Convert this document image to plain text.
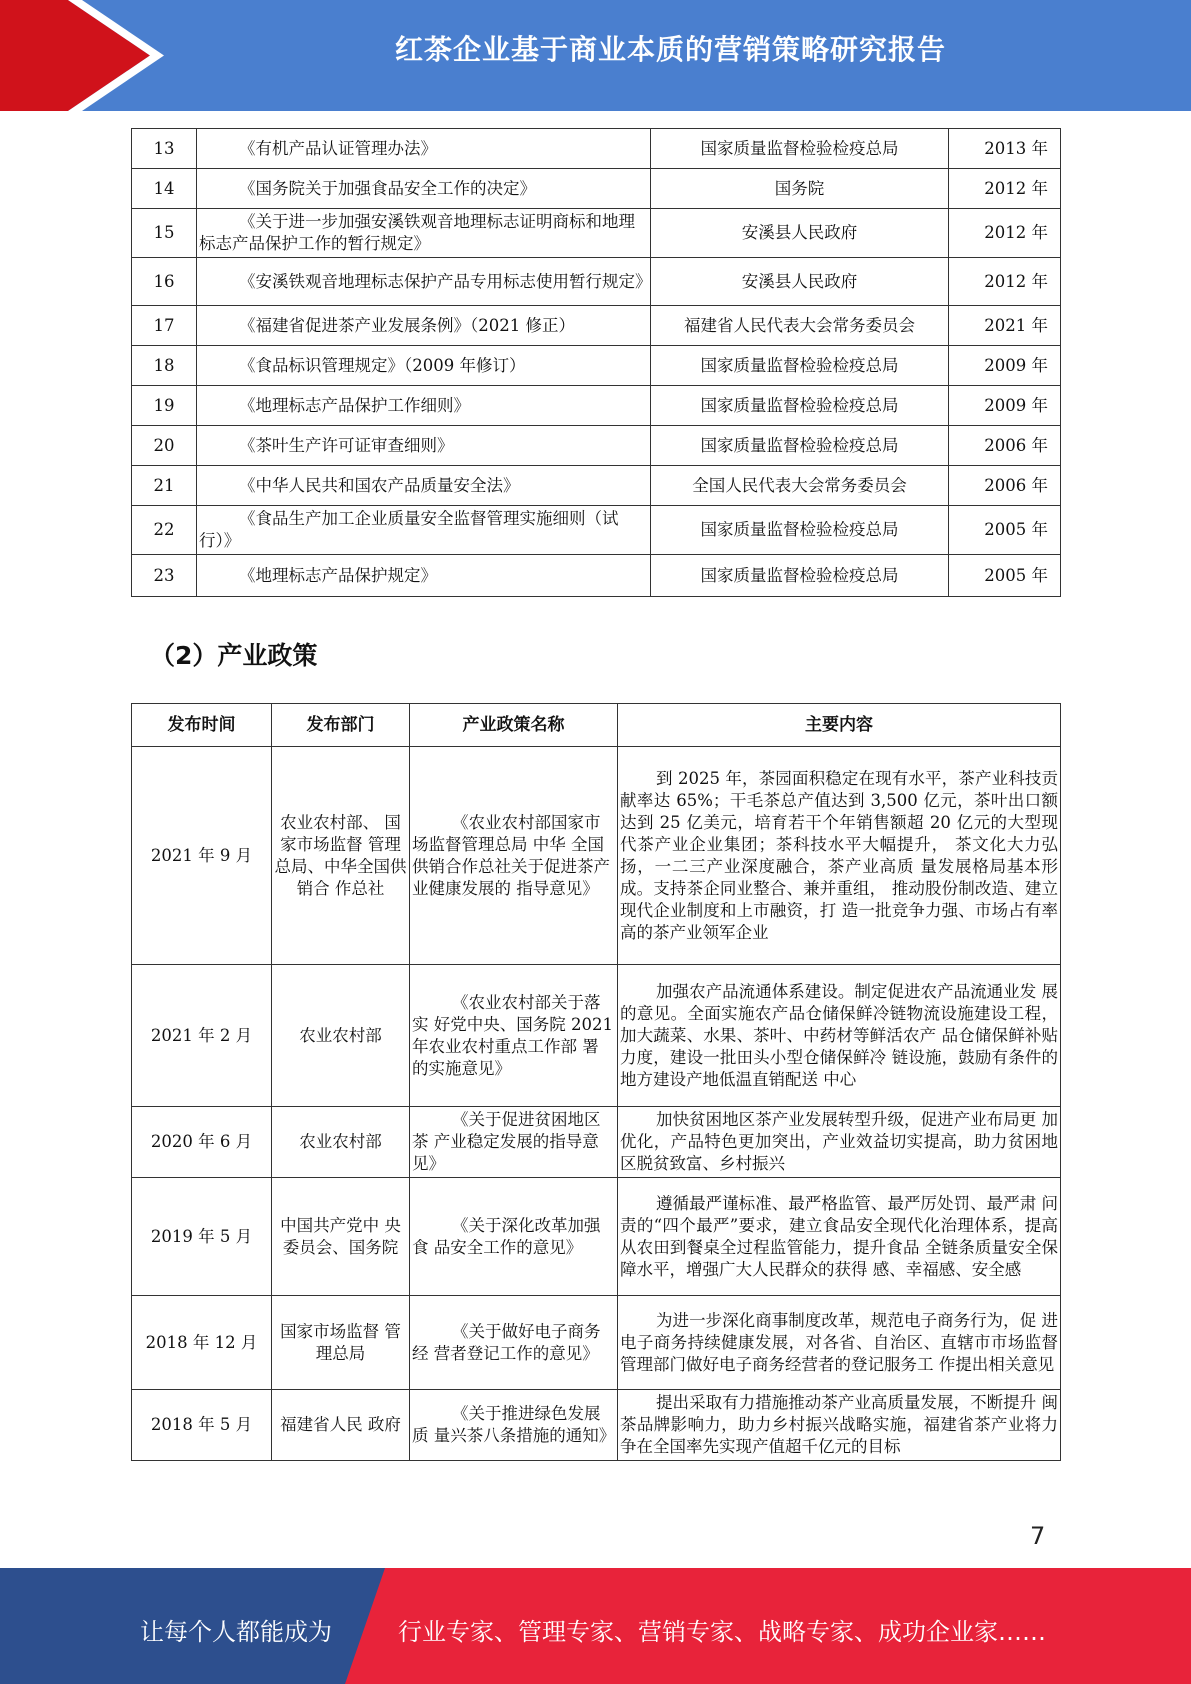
红茶企业基于商业本质的营销策略研究报告
13	《有机产品认证管理办法》	国家质量监督检验检疫总局	2013 年
14	《国务院关于加强食品安全工作的决定》	国务院	2012 年
15	《关于进一步加强安溪铁观音地理标志证明商标和地理 标志产品保护工作的暂行规定》	安溪县人民政府	2012 年
16	《安溪铁观音地理标志保护产品专用标志使用暂行规定》	安溪县人民政府	2012 年
17	《福建省促进茶产业发展条例》（2021 修正）	福建省人民代表大会常务委员会	2021 年
18	《食品标识管理规定》（2009 年修订）	国家质量监督检验检疫总局	2009 年
19	《地理标志产品保护工作细则》	国家质量监督检验检疫总局	2009 年
20	《茶叶生产许可证审查细则》	国家质量监督检验检疫总局	2006 年
21	《中华人民共和国农产品质量安全法》	全国人民代表大会常务委员会	2006 年
22	《食品生产加工企业质量安全监督管理实施细则（试行）》	国家质量监督检验检疫总局	2005 年
23	《地理标志产品保护规定》	国家质量监督检验检疫总局	2005 年
（2）产业政策
发布时间	发布部门	产业政策名称	主要内容
2021 年 9 月	农业农村部、 国家市场监督 管理总局、中华全国供销合 作总社	《农业农村部国家市场监督管理总局 中华 全国供销合作总社关于促进茶产业健康发展的 指导意见》	到 2025 年，茶园面积稳定在现有水平，茶产业科技贡 献率达 65%；干毛茶总产值达到 3,500 亿元，茶叶出口额达到 25 亿美元，培育若干个年销售额超 20 亿元的大型现代茶产业企业集团；茶科技水平大幅提升， 茶文化大力弘扬，一二三产业深度融合，茶产业高质 量发展格局基本形成。支持茶企同业整合、兼并重组， 推动股份制改造、建立现代企业制度和上市融资，打 造一批竞争力强、市场占有率高的茶产业领军企业
2021 年 2 月	农业农村部	《农业农村部关于落实 好党中央、国务院 2021 年农业农村重点工作部 署的实施意见》	加强农产品流通体系建设。制定促进农产品流通业发 展的意见。全面实施农产品仓储保鲜冷链物流设施建设工程，加大蔬菜、水果、茶叶、中药材等鲜活农产 品仓储保鲜补贴力度，建设一批田头小型仓储保鲜冷 链设施，鼓励有条件的地方建设产地低温直销配送 中心
2020 年 6 月	农业农村部	《关于促进贫困地区茶 产业稳定发展的指导意 见》	加快贫困地区茶产业发展转型升级，促进产业布局更 加优化，产品特色更加突出，产业效益切实提高，助力贫困地区脱贫致富、乡村振兴
2019 年 5 月	中国共产党中 央委员会、国务院	《关于深化改革加强食 品安全工作的意见》	遵循最严谨标准、最严格监管、最严厉处罚、最严肃 问责的“四个最严”要求，建立食品安全现代化治理体系，提高从农田到餐桌全过程监管能力，提升食品 全链条质量安全保障水平，增强广大人民群众的获得 感、幸福感、安全感
2018 年 12 月	国家市场监督 管理总局	《关于做好电子商务经 营者登记工作的意见》	为进一步深化商事制度改革，规范电子商务行为，促 进电子商务持续健康发展，对各省、自治区、直辖市市场监督管理部门做好电子商务经营者的登记服务工 作提出相关意见
2018 年 5 月	福建省人民 政府	《关于推进绿色发展质 量兴茶八条措施的通知》	提出采取有力措施推动茶产业高质量发展，不断提升 闽茶品牌影响力，助力乡村振兴战略实施，福建省茶产业将力争在全国率先实现产值超千亿元的目标
7
让每个人都能成为	行业专家、管理专家、营销专家、战略专家、成功企业家……
